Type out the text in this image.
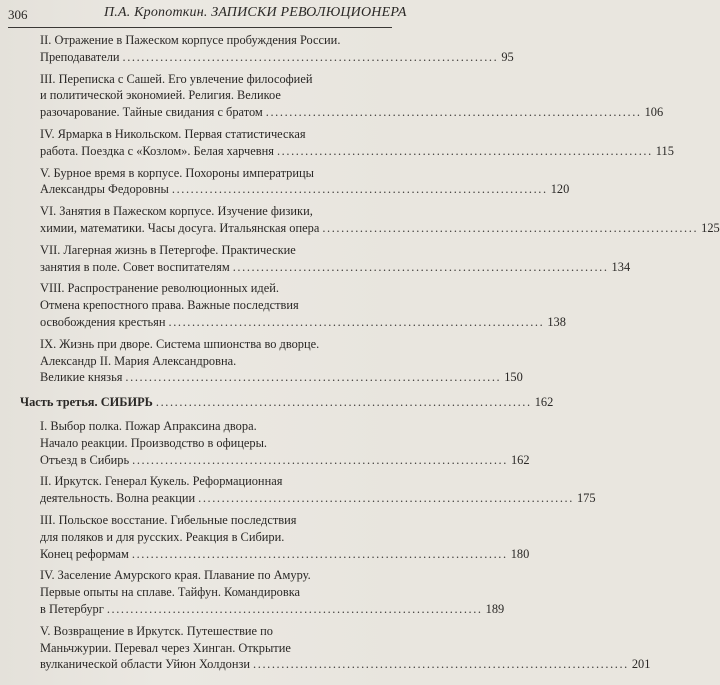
306	П.А. Кропоткин. ЗАПИСКИ РЕВОЛЮЦИОНЕРА
II. Отражение в Пажеском корпусе пробуждения России.
Преподаватели ................................................................................ 95
III. Переписка с Сашей. Его увлечение философией
и политической экономией. Религия. Великое
разочарование. Тайные свидания с братом ................................................................................ 106
IV. Ярмарка в Никольском. Первая статистическая
работа. Поездка с «Козлом». Белая харчевня ................................................................................ 115
V. Бурное время в корпусе. Похороны императрицы
Александры Федоровны ................................................................................ 120
VI. Занятия в Пажеском корпусе. Изучение физики,
химии, математики. Часы досуга. Итальянская опера ................................................................................ 125
VII. Лагерная жизнь в Петергофе. Практические
занятия в поле. Совет воспитателям ................................................................................ 134
VIII. Распространение революционных идей.
Отмена крепостного права. Важные последствия
освобождения крестьян ................................................................................ 138
IX. Жизнь при дворе. Система шпионства во дворце.
Александр II. Мария Александровна.
Великие князья ................................................................................ 150
Часть третья. СИБИРЬ ................................................................................ 162
I. Выбор полка. Пожар Апраксина двора.
Начало реакции. Производство в офицеры.
Отъезд в Сибирь ................................................................................ 162
II. Иркутск. Генерал Кукель. Реформационная
деятельность. Волна реакции ................................................................................ 175
III. Польское восстание. Гибельные последствия
для поляков и для русских. Реакция в Сибири.
Конец реформам ................................................................................ 180
IV. Заселение Амурского края. Плавание по Амуру.
Первые опыты на сплаве. Тайфун. Командировка
в Петербург ................................................................................ 189
V. Возвращение в Иркутск. Путешествие по
Маньчжурии. Перевал через Хинган. Открытие
вулканической области Уйюн Холдонзи ................................................................................ 201
